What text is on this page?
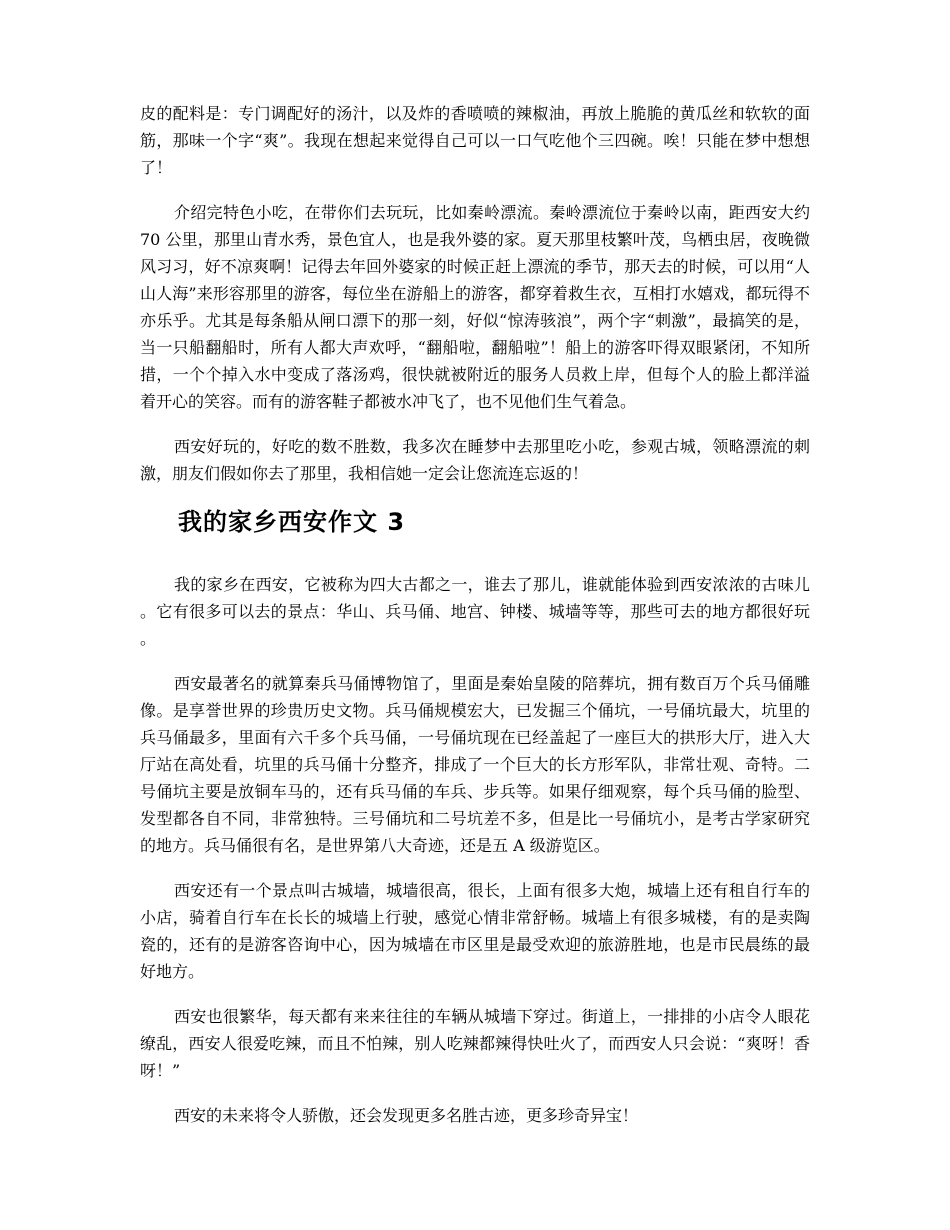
皮的配料是：专门调配好的汤汁，以及炸的香喷喷的辣椒油，再放上脆脆的黄瓜丝和软软的面筋，那味一个字“爽”。我现在想起来觉得自己可以一口气吃他个三四碗。唉！只能在梦中想想了！

介绍完特色小吃，在带你们去玩玩，比如秦岭漂流。秦岭漂流位于秦岭以南，距西安大约 70 公里，那里山青水秀，景色宜人，也是我外婆的家。夏天那里枝繁叶茂，鸟栖虫居，夜晚微风习习，好不凉爽啊！记得去年回外婆家的时候正赶上漂流的季节，那天去的时候，可以用“人山人海”来形容那里的游客，每位坐在游船上的游客，都穿着救生衣，互相打水嬉戏，都玩得不亦乐乎。尤其是每条船从闸口漂下的那一刻，好似“惊涛骇浪”，两个字“刺激”，最搞笑的是，当一只船翻船时，所有人都大声欢呼，“翻船啦，翻船啦”！船上的游客吓得双眼紧闭，不知所措，一个个掉入水中变成了落汤鸡，很快就被附近的服务人员救上岸，但每个人的脸上都洋溢着开心的笑容。而有的游客鞋子都被水冲飞了，也不见他们生气着急。

西安好玩的，好吃的数不胜数，我多次在睡梦中去那里吃小吃，参观古城，领略漂流的刺激，朋友们假如你去了那里，我相信她一定会让您流连忘返的！

我的家乡西安作文 3

我的家乡在西安，它被称为四大古都之一，谁去了那儿，谁就能体验到西安浓浓的古味儿。它有很多可以去的景点：华山、兵马俑、地宫、钟楼、城墙等等，那些可去的地方都很好玩。

西安最著名的就算秦兵马俑博物馆了，里面是秦始皇陵的陪葬坑，拥有数百万个兵马俑雕像。是享誉世界的珍贵历史文物。兵马俑规模宏大，已发掘三个俑坑，一号俑坑最大，坑里的兵马俑最多，里面有六千多个兵马俑，一号俑坑现在已经盖起了一座巨大的拱形大厅，进入大厅站在高处看，坑里的兵马俑十分整齐，排成了一个巨大的长方形军队，非常壮观、奇特。二号俑坑主要是放铜车马的，还有兵马俑的车兵、步兵等。如果仔细观察，每个兵马俑的脸型、发型都各自不同，非常独特。三号俑坑和二号坑差不多，但是比一号俑坑小，是考古学家研究的地方。兵马俑很有名，是世界第八大奇迹，还是五 A 级游览区。

西安还有一个景点叫古城墙，城墙很高，很长，上面有很多大炮，城墙上还有租自行车的小店，骑着自行车在长长的城墙上行驶，感觉心情非常舒畅。城墙上有很多城楼，有的是卖陶瓷的，还有的是游客咨询中心，因为城墙在市区里是最受欢迎的旅游胜地，也是市民晨练的最好地方。

西安也很繁华，每天都有来来往往的车辆从城墙下穿过。街道上，一排排的小店令人眼花缭乱，西安人很爱吃辣，而且不怕辣，别人吃辣都辣得快吐火了，而西安人只会说：“爽呀！香呀！”

西安的未来将令人骄傲，还会发现更多名胜古迹，更多珍奇异宝！
